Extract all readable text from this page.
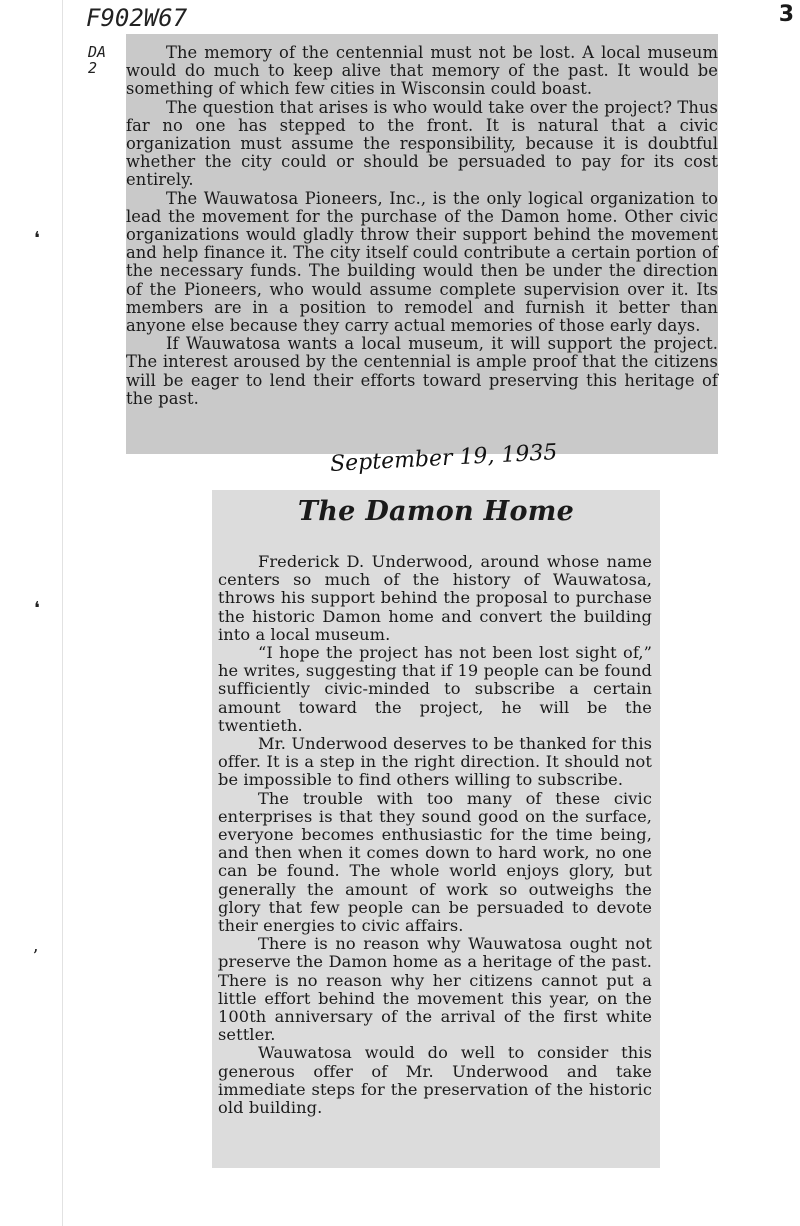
F902W67
DA
2
3
❛
❛
ʼ

The memory of the centennial must not be lost. A local museum would do much to keep alive that memory of the past. It would be something of which few cities in Wisconsin could boast.

The question that arises is who would take over the project? Thus far no one has stepped to the front. It is natural that a civic organization must assume the responsibility, because it is doubtful whether the city could or should be persuaded to pay for its cost entirely.

The Wauwatosa Pioneers, Inc., is the only logical organization to lead the movement for the purchase of the Damon home. Other civic organizations would gladly throw their support behind the movement and help finance it. The city itself could contribute a certain portion of the necessary funds. The building would then be under the direction of the Pioneers, who would assume complete supervision over it. Its members are in a position to remodel and furnish it better than anyone else because they carry actual memories of those early days.

If Wauwatosa wants a local museum, it will support the project. The interest aroused by the centennial is ample proof that the citizens will be eager to lend their efforts toward preserving this heritage of the past.

September 19, 1935
The Damon Home

Frederick D. Underwood, around whose name centers so much of the history of Wauwatosa, throws his support behind the proposal to purchase the historic Damon home and convert the building into a local museum.

“I hope the project has not been lost sight of,” he writes, suggesting that if 19 people can be found sufficiently civic-minded to subscribe a certain amount toward the project, he will be the twentieth.

Mr. Underwood deserves to be thanked for this offer. It is a step in the right direction. It should not be impossible to find others willing to subscribe.

The trouble with too many of these civic enterprises is that they sound good on the surface, everyone becomes enthusiastic for the time being, and then when it comes down to hard work, no one can be found. The whole world enjoys glory, but generally the amount of work so outweighs the glory that few people can be persuaded to devote their energies to civic affairs.

There is no reason why Wauwatosa ought not preserve the Damon home as a heritage of the past. There is no reason why her citizens cannot put a little effort behind the movement this year, on the 100th anniversary of the arrival of the first white settler.

Wauwatosa would do well to consider this generous offer of Mr. Underwood and take immediate steps for the preservation of the historic old building.
